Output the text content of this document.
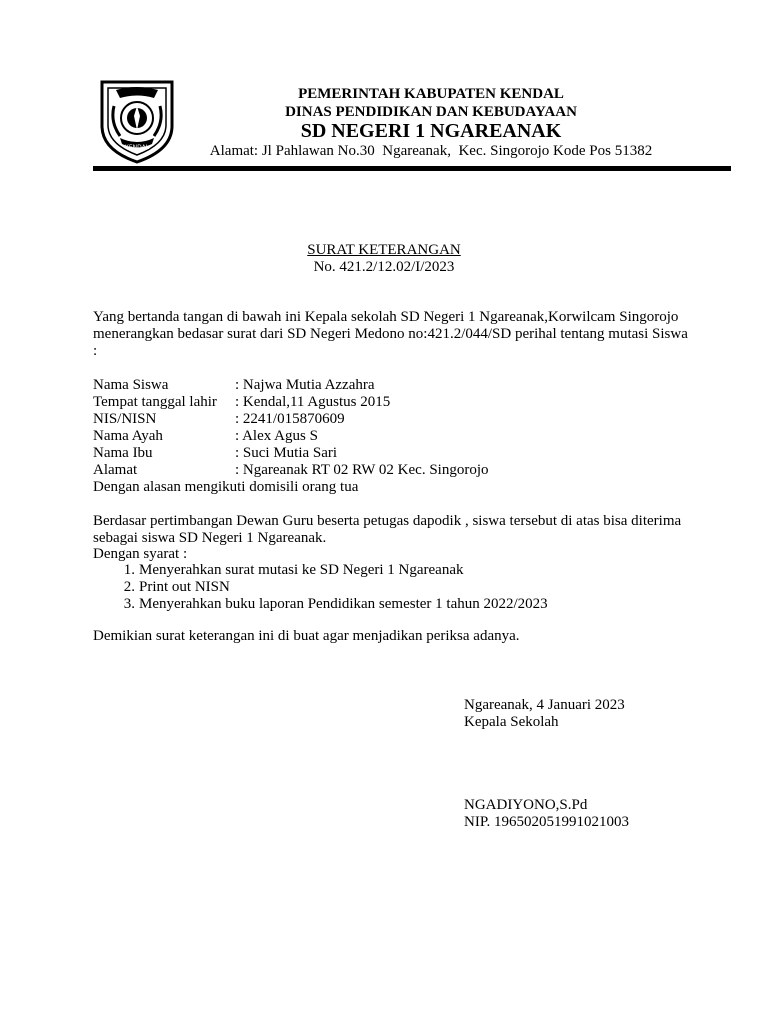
KENDAL
PEMERINTAH KABUPATEN KENDAL
DINAS PENDIDIKAN DAN KEBUDAYAAN
SD NEGERI 1 NGAREANAK
Alamat: Jl Pahlawan No.30  Ngareanak,  Kec. Singorojo Kode Pos 51382
SURAT KETERANGAN
No. 421.2/12.02/I/2023
Yang bertanda tangan di bawah ini Kepala sekolah SD Negeri 1 Ngareanak,Korwilcam Singorojo menerangkan bedasar surat dari SD Negeri Medono no:421.2/044/SD perihal tentang mutasi Siswa :
Nama Siswa	: Najwa Mutia Azzahra
Tempat tanggal lahir	: Kendal,11 Agustus 2015
NIS/NISN	: 2241/015870609
Nama Ayah	: Alex Agus S
Nama Ibu	: Suci Mutia Sari
Alamat	: Ngareanak RT 02 RW 02 Kec. Singorojo
Dengan alasan mengikuti domisili orang tua
Berdasar pertimbangan Dewan Guru beserta petugas dapodik , siswa tersebut di atas bisa diterima sebagai siswa SD Negeri 1 Ngareanak.
Dengan syarat :
1. Menyerahkan surat mutasi ke SD Negeri 1 Ngareanak
2. Print out NISN
3. Menyerahkan buku laporan Pendidikan semester 1 tahun 2022/2023
Demikian surat keterangan ini di buat agar menjadikan periksa adanya.
Ngareanak, 4 Januari 2023
Kepala Sekolah
NGADIYONO,S.Pd
NIP. 196502051991021003
